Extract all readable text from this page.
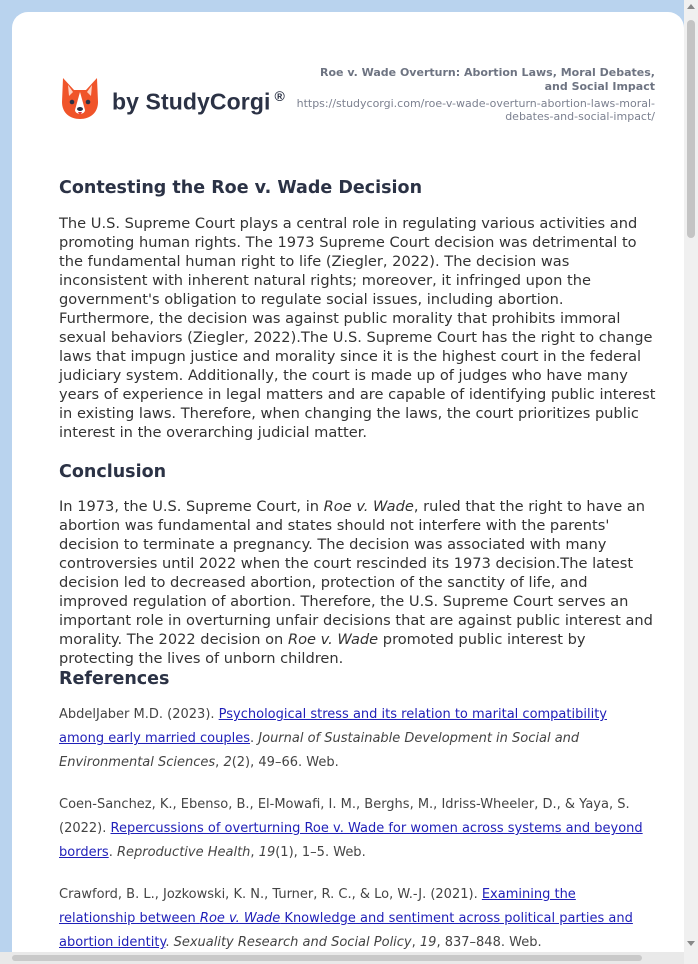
by StudyCorgi ®
Roe v. Wade Overturn: Abortion Laws, Moral Debates, and Social Impact
https://studycorgi.com/roe-v-wade-overturn-abortion-laws-moral-debates-and-social-impact/
Contesting the Roe v. Wade Decision

The U.S. Supreme Court plays a central role in regulating various activities and promoting human rights. The 1973 Supreme Court decision was detrimental to the fundamental human right to life (Ziegler, 2022). The decision was inconsistent with inherent natural rights; moreover, it infringed upon the government's obligation to regulate social issues, including abortion. Furthermore, the decision was against public morality that prohibits immoral sexual behaviors (Ziegler, 2022).The U.S. Supreme Court has the right to change laws that impugn justice and morality since it is the highest court in the federal judiciary system. Additionally, the court is made up of judges who have many years of experience in legal matters and are capable of identifying public interest in existing laws. Therefore, when changing the laws, the court prioritizes public interest in the overarching judicial matter.

Conclusion

In 1973, the U.S. Supreme Court, in Roe v. Wade, ruled that the right to have an abortion was fundamental and states should not interfere with the parents' decision to terminate a pregnancy. The decision was associated with many controversies until 2022 when the court rescinded its 1973 decision.The latest decision led to decreased abortion, protection of the sanctity of life, and improved regulation of abortion. Therefore, the U.S. Supreme Court serves an important role in overturning unfair decisions that are against public interest and morality. The 2022 decision on Roe v. Wade promoted public interest by protecting the lives of unborn children.

References

AbdelJaber M.D. (2023). Psychological stress and its relation to marital compatibility among early married couples. Journal of Sustainable Development in Social and Environmental Sciences, 2(2), 49–66. Web.

Coen-Sanchez, K., Ebenso, B., El-Mowafi, I. M., Berghs, M., Idriss-Wheeler, D., & Yaya, S. (2022). Repercussions of overturning Roe v. Wade for women across systems and beyond borders. Reproductive Health, 19(1), 1–5. Web.

Crawford, B. L., Jozkowski, K. N., Turner, R. C., & Lo, W.-J. (2021). Examining the relationship between Roe v. Wade Knowledge and sentiment across political parties and abortion identity. Sexuality Research and Social Policy, 19, 837–848. Web.
